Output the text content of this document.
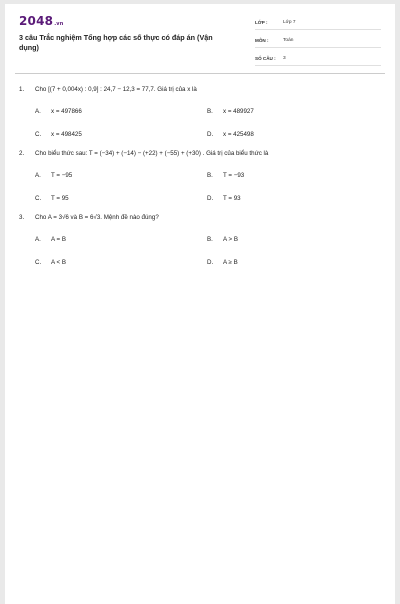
2048.vn
3 câu Trắc nghiệm Tổng hợp các số thực có đáp án (Vận dụng)
LỚP :	Lớp 7
MÔN :	Toán
SỐ CÂU :	3
1.	Cho [(7 + 0,004x) : 0,9] : 24,7 − 12,3 = 77,7. Giá trị của x là
A.	x = 497866	B.	x = 489927
C.	x = 498425	D.	x = 425498
2.	Cho biểu thức sau: T = (−34) + (−14) − (+22) + (−55) + (+30) . Giá trị của biểu thức là
A.	T = −95	B.	T = −93
C.	T = 95	D.	T = 93
3.	Cho A = 3√6 và B = 6√3. Mệnh đề nào đúng?
A.	A = B	B.	A > B
C.	A < B	D.	A ≥ B
